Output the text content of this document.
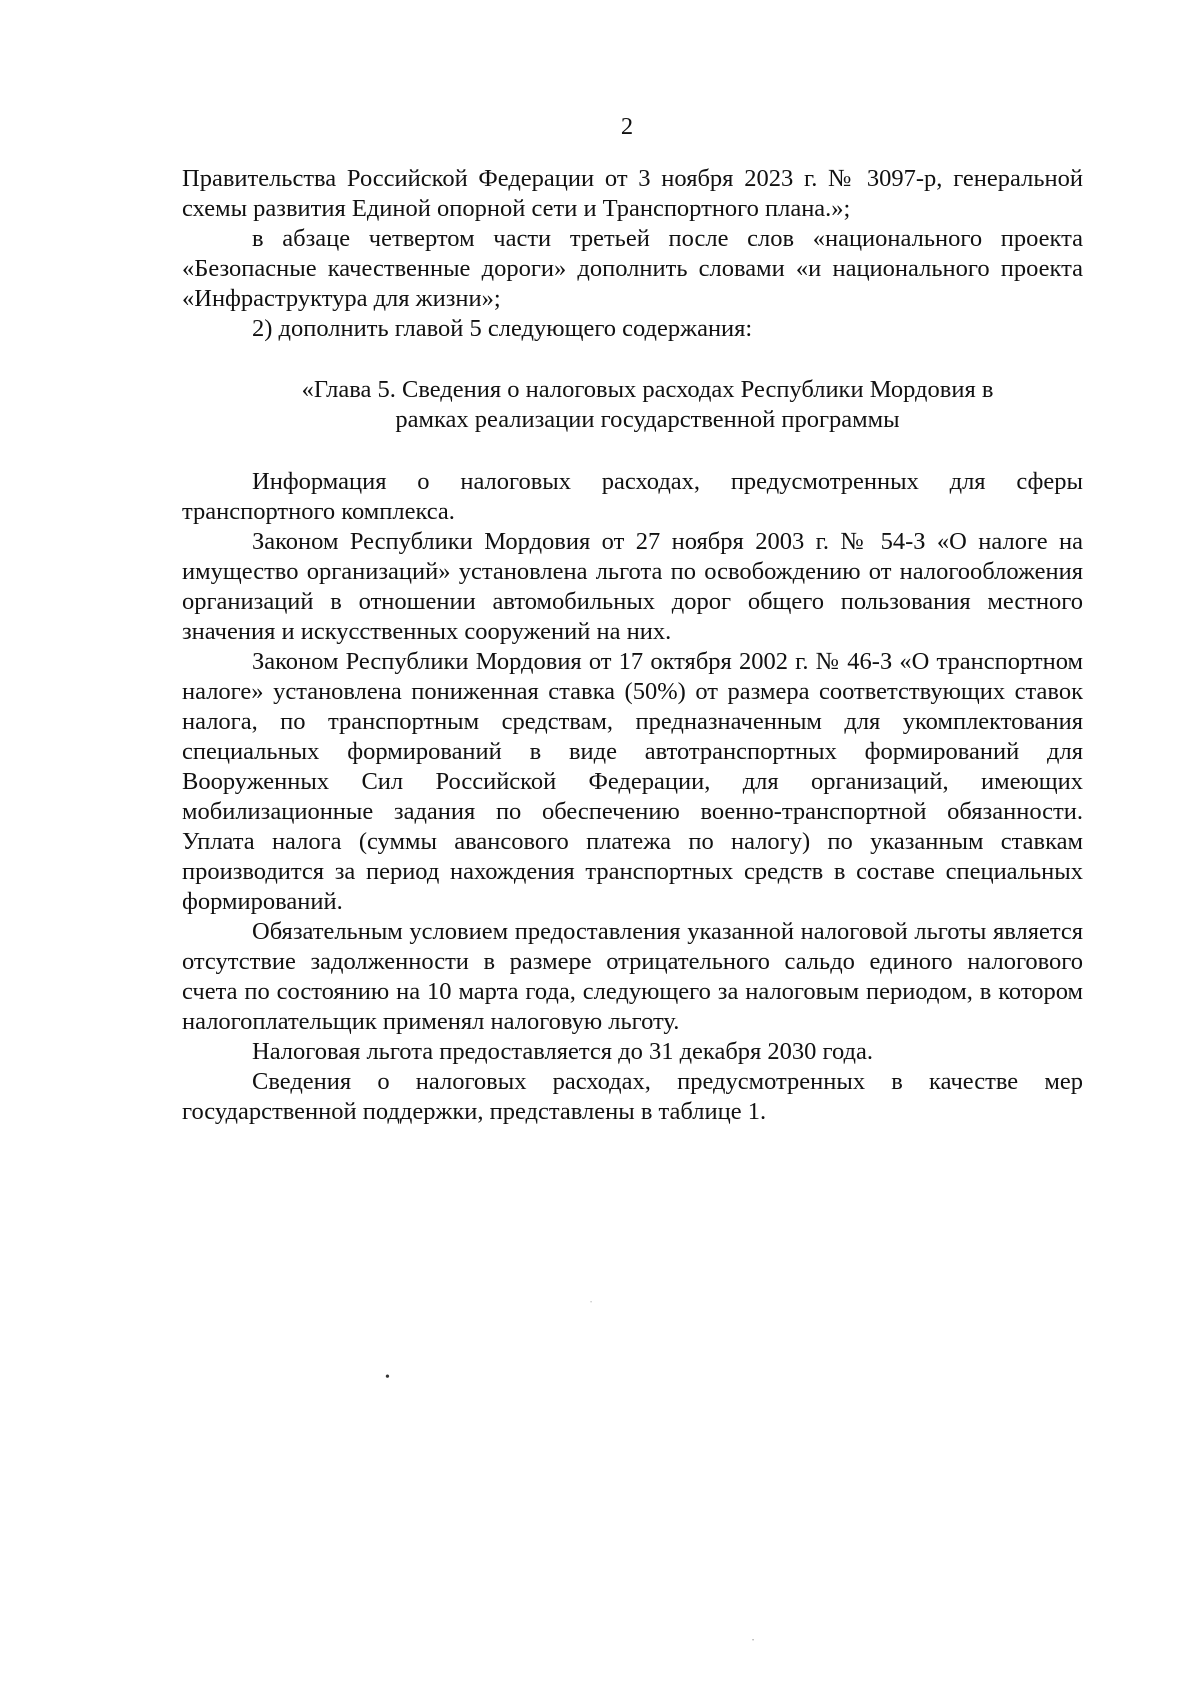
2

Правительства Российской Федерации от 3 ноября 2023 г. № 3097-р, генеральной схемы развития Единой опорной сети и Транспортного плана.»;

в абзаце четвертом части третьей после слов «национального проекта «Безопасные качественные дороги» дополнить словами «и национального проекта «Инфраструктура для жизни»;

2) дополнить главой 5 следующего содержания:

«Глава 5. Сведения о налоговых расходах Республики Мордовия в
рамках реализации государственной программы

Информация о налоговых расходах, предусмотренных для сферы транспортного комплекса.

Законом Республики Мордовия от 27 ноября 2003 г. № 54-З «О налоге на имущество организаций» установлена льгота по освобождению от налогообложения организаций в отношении автомобильных дорог общего пользования местного значения и искусственных сооружений на них.

Законом Республики Мордовия от 17 октября 2002 г. № 46-З «О транспортном налоге» установлена пониженная ставка (50%) от размера соответствующих ставок налога, по транспортным средствам, предназначенным для укомплектования специальных формирований в виде автотранспортных формирований для Вооруженных Сил Российской Федерации, для организаций, имеющих мобилизационные задания по обеспечению военно-транспортной обязанности. Уплата налога (суммы авансового платежа по налогу) по указанным ставкам производится за период нахождения транспортных средств в составе специальных формирований.

Обязательным условием предоставления указанной налоговой льготы является отсутствие задолженности в размере отрицательного сальдо единого налогового счета по состоянию на 10 марта года, следующего за налоговым периодом, в котором налогоплательщик применял налоговую льготу.

Налоговая льгота предоставляется до 31 декабря 2030 года.

Сведения о налоговых расходах, предусмотренных в качестве мер государственной поддержки, представлены в таблице 1.

•
•
•
